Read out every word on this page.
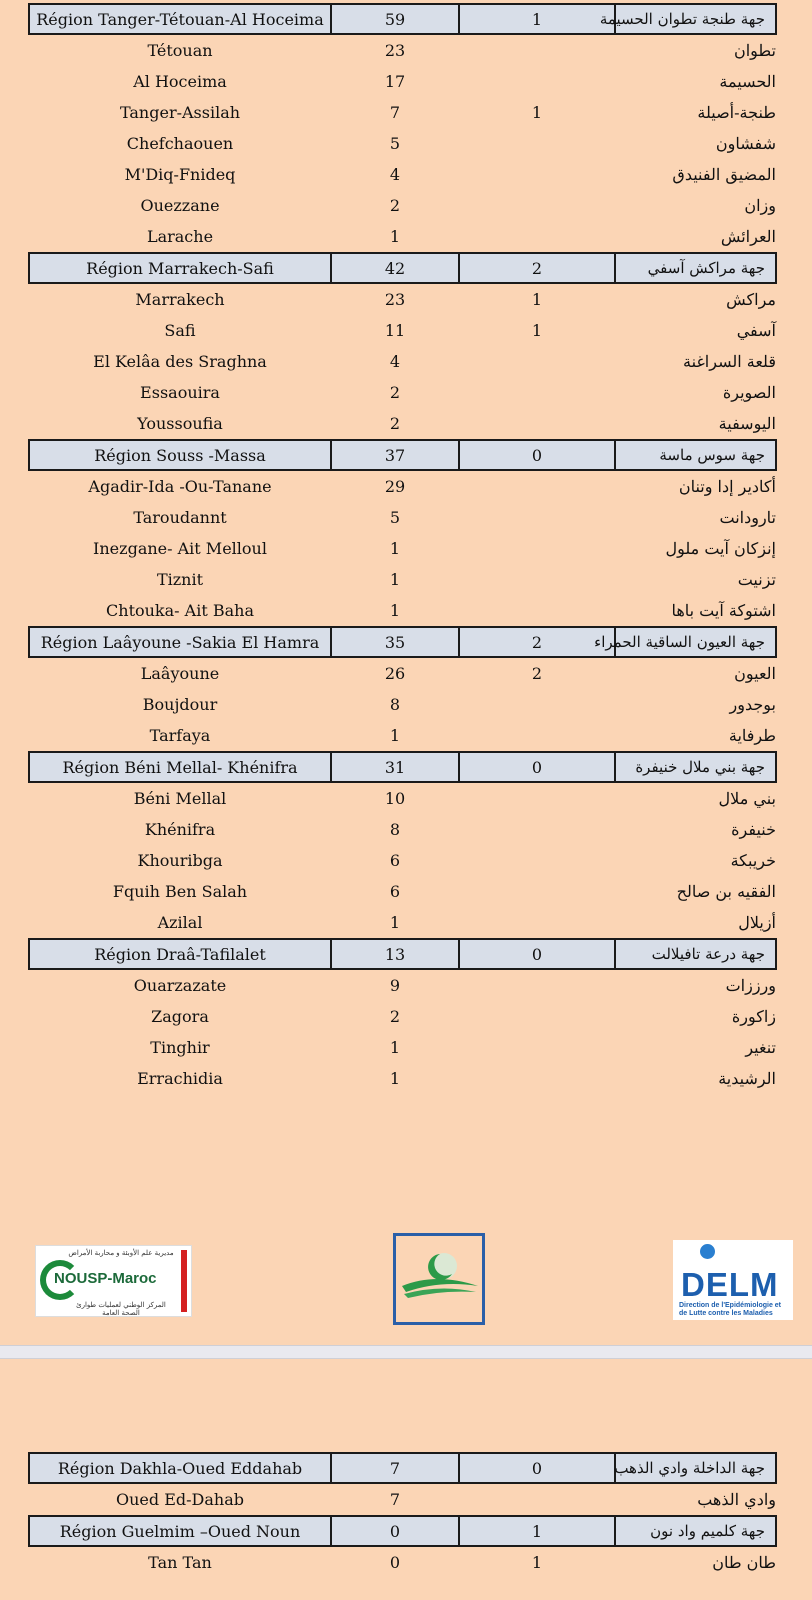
Région Tanger-Tétouan-Al Hoceima	59	1	جهة طنجة تطوان الحسيمة
Tétouan	23		تطوان
Al Hoceima	17		الحسيمة
Tanger-Assilah	7	1	طنجة-أصيلة
Chefchaouen	5		شفشاون
M'Diq-Fnideq	4		المضيق الفنيدق
Ouezzane	2		وزان
Larache	1		العرائش
Région Marrakech-Safi	42	2	جهة مراكش آسفي
Marrakech	23	1	مراكش
Safi	11	1	آسفي
El Kelâa des Sraghna	4		قلعة السراغنة
Essaouira	2		الصويرة
Youssoufia	2		اليوسفية
Région Souss -Massa	37	0	جهة سوس ماسة
Agadir-Ida -Ou-Tanane	29		أكادير إدا وتنان
Taroudannt	5		تارودانت
Inezgane- Ait Melloul	1		إنزكان آيت ملول
Tiznit	1		تزنيت
Chtouka- Ait Baha	1		اشتوكة آيت باها
Région Laâyoune -Sakia El Hamra	35	2	جهة العيون الساقية الحمراء
Laâyoune	26	2	العيون
Boujdour	8		بوجدور
Tarfaya	1		طرفاية
Région Béni Mellal- Khénifra	31	0	جهة بني ملال خنيفرة
Béni Mellal	10		بني ملال
Khénifra	8		خنيفرة
Khouribga	6		خريبكة
Fquih Ben Salah	6		الفقيه بن صالح
Azilal	1		أزيلال
Région Draâ-Tafilalet	13	0	جهة درعة تافيلالت
Ouarzazate	9		ورززات
Zagora	2		زاكورة
Tinghir	1		تنغير
Errachidia	1		الرشيدية
مديرية علم الأوبئة و محاربة الأمراض
NOUSP-Maroc
المركز الوطني لعمليات طوارئ الصحة العامة
DELM
Direction de l'Epidémiologie et de Lutte contre les Maladies
Région Dakhla-Oued Eddahab	7	0	جهة الداخلة وادي الذهب
Oued Ed-Dahab	7		وادي الذهب
Région Guelmim –Oued Noun	0	1	جهة كلميم واد نون
Tan Tan	0	1	طان طان
